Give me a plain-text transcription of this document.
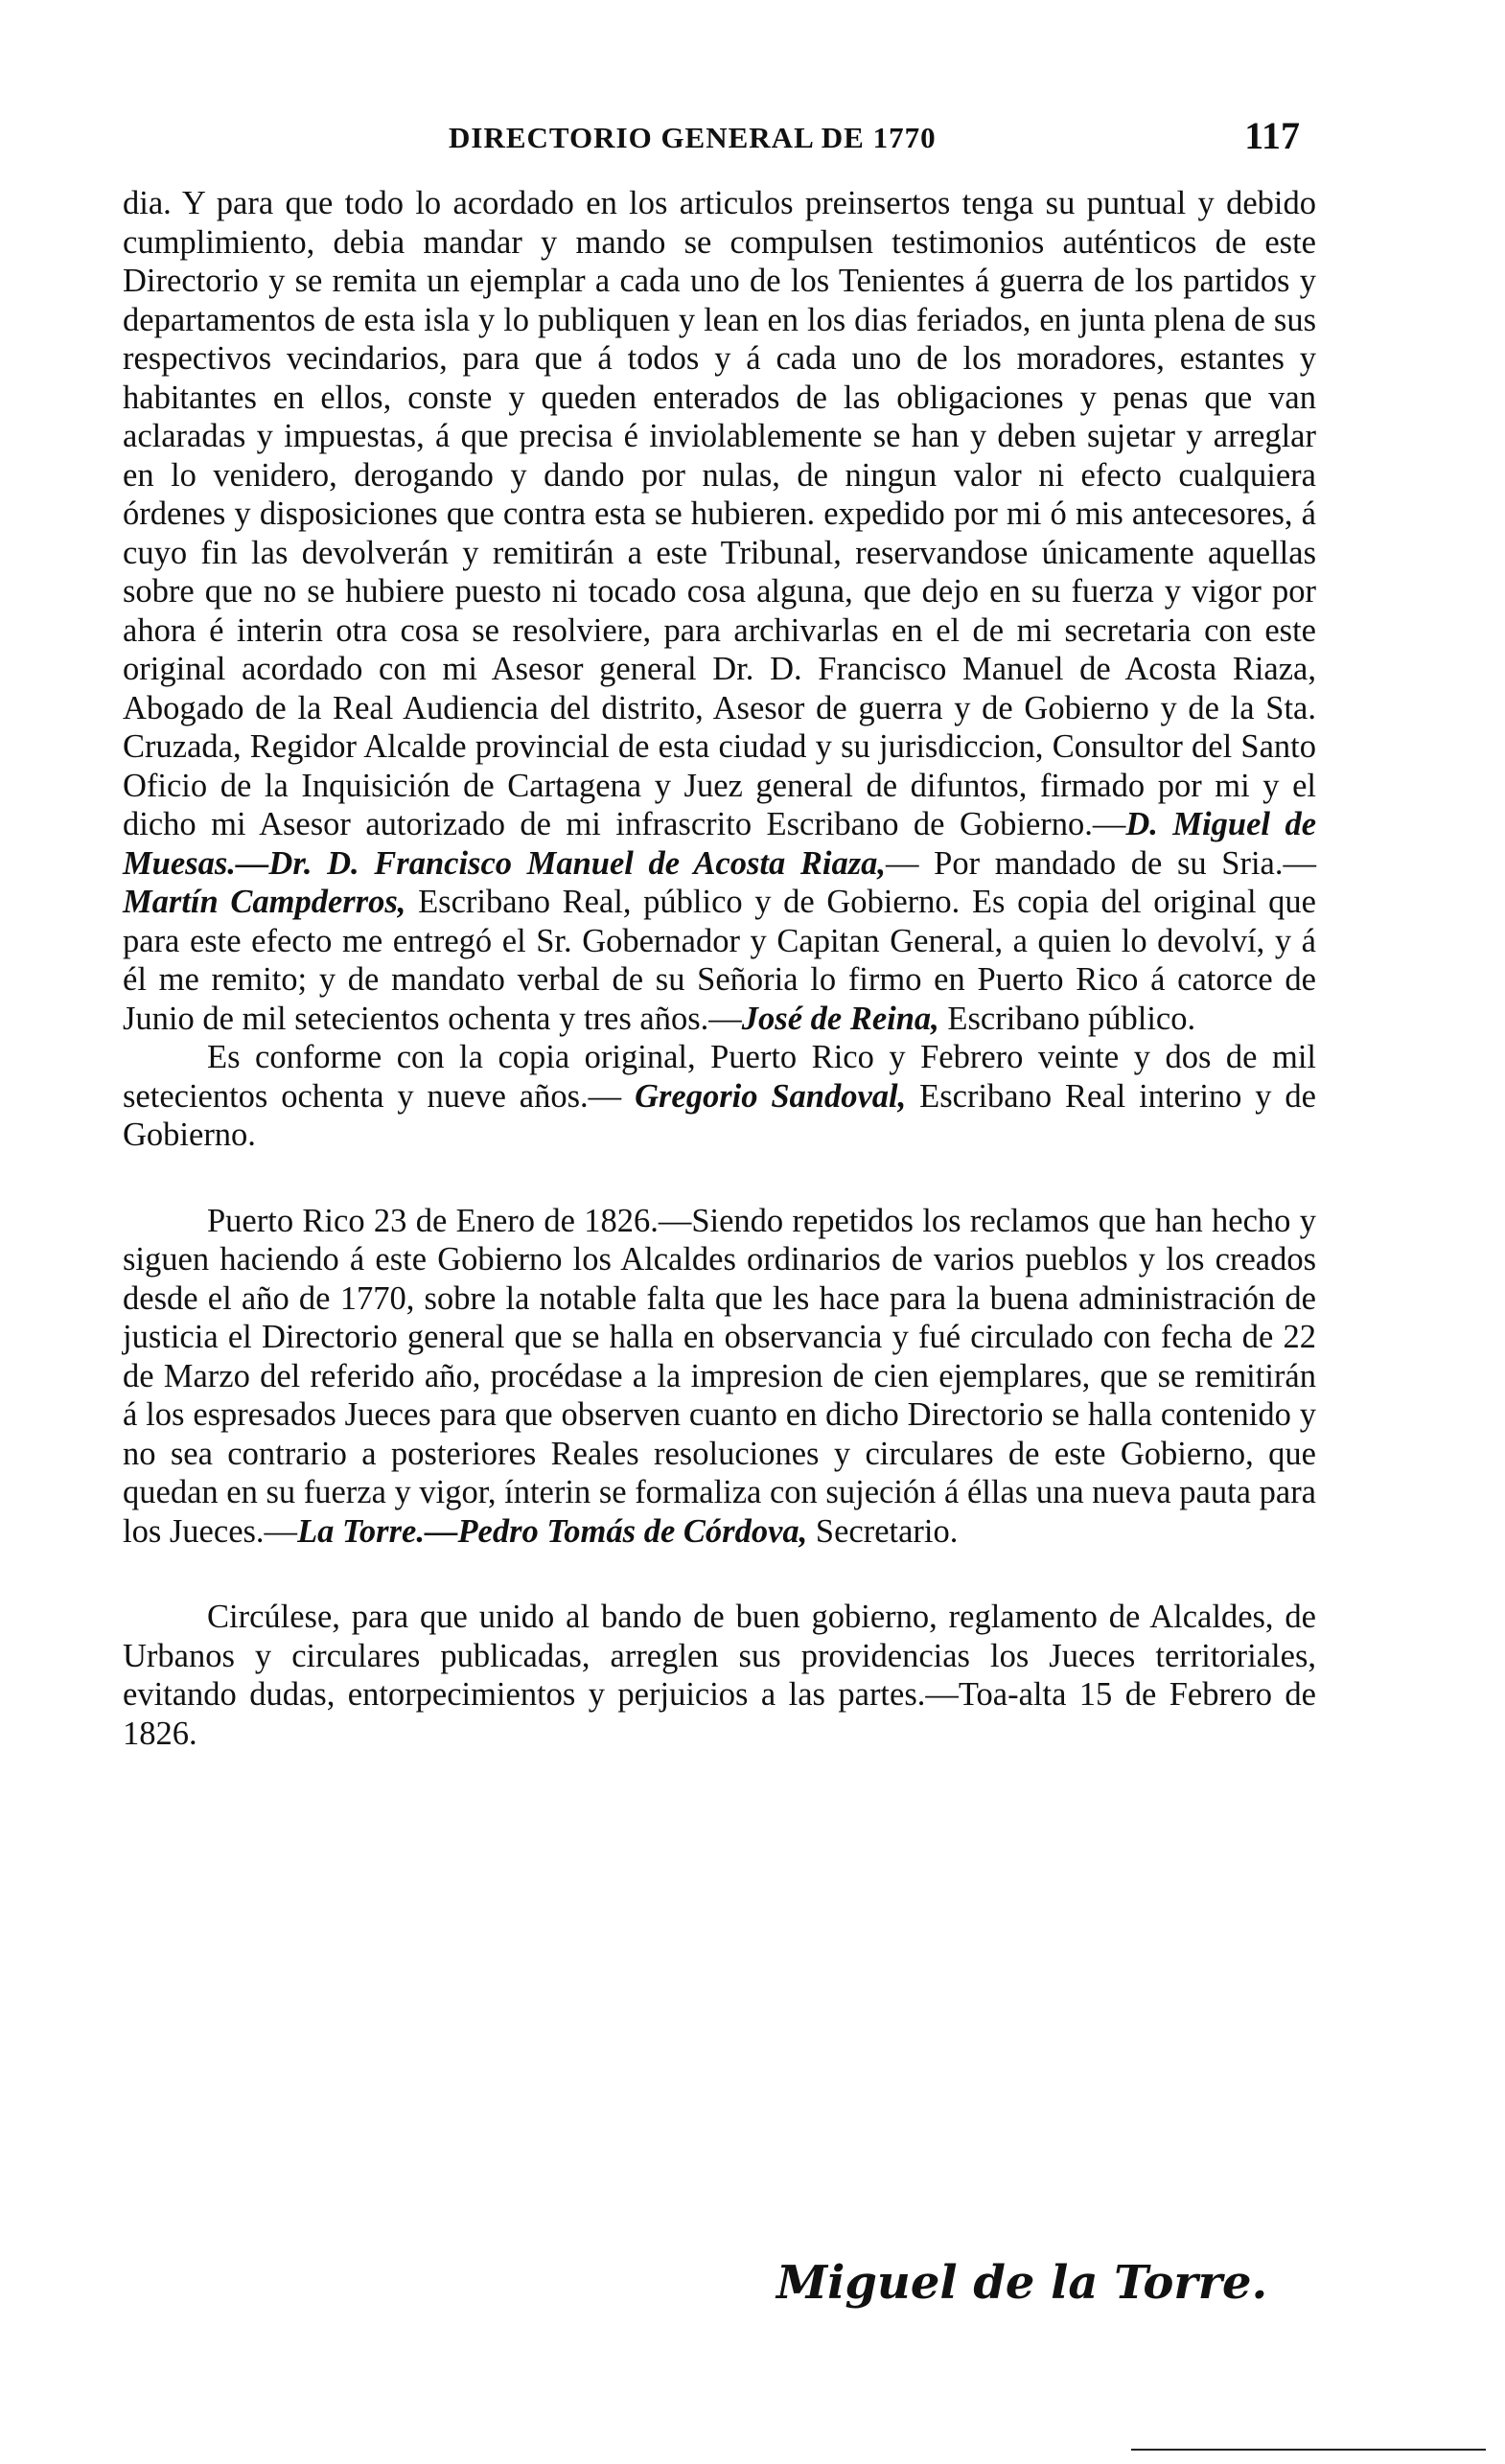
DIRECTORIO GENERAL DE 1770	117

dia. Y para que todo lo acordado en los articulos preinsertos tenga su puntual y debido cumplimiento, debia mandar y mando se compulsen testimonios auténticos de este Directorio y se remita un ejemplar a cada uno de los Tenientes á guerra de los partidos y departamentos de esta isla y lo publiquen y lean en los dias feriados, en junta plena de sus respectivos vecindarios, para que á todos y á cada uno de los moradores, estantes y habitantes en ellos, conste y queden enterados de las obligaciones y penas que van aclaradas y impuestas, á que precisa é inviolablemente se han y deben sujetar y arreglar en lo venidero, derogando y dando por nulas, de ningun valor ni efecto cualquiera órdenes y disposiciones que contra esta se hubieren. expedido por mi ó mis antecesores, á cuyo fin las devolverán y remitirán a este Tribunal, reservandose únicamente aquellas sobre que no se hubiere puesto ni tocado cosa alguna, que dejo en su fuerza y vigor por ahora é interin otra cosa se resolviere, para archivarlas en el de mi secretaria con este original acordado con mi Asesor general Dr. D. Francisco Manuel de Acosta Riaza, Abogado de la Real Audiencia del distrito, Asesor de guerra y de Gobierno y de la Sta. Cruzada, Regidor Alcalde provincial de esta ciudad y su jurisdiccion, Consultor del Santo Oficio de la Inquisición de Cartagena y Juez general de difuntos, firmado por mi y el dicho mi Asesor autorizado de mi infrascrito Escribano de Gobierno.—D. Miguel de Muesas.—Dr. D. Francisco Manuel de Acosta Riaza,— Por mandado de su Sria.—Martín Campderros, Escribano Real, público y de Gobierno. Es copia del original que para este efecto me entregó el Sr. Gobernador y Capitan General, a quien lo devolví, y á él me remito; y de mandato verbal de su Señoria lo firmo en Puerto Rico á catorce de Junio de mil setecientos ochenta y tres años.—José de Reina, Escribano público.

Es conforme con la copia original, Puerto Rico y Febrero veinte y dos de mil setecientos ochenta y nueve años.— Gregorio Sandoval, Escribano Real interino y de Gobierno.

Puerto Rico 23 de Enero de 1826.—Siendo repetidos los reclamos que han hecho y siguen haciendo á este Gobierno los Alcaldes ordinarios de varios pueblos y los creados desde el año de 1770, sobre la notable falta que les hace para la buena administración de justicia el Directorio general que se halla en observancia y fué circulado con fecha de 22 de Marzo del referido año, procédase a la impresion de cien ejemplares, que se remitirán á los espresados Jueces para que observen cuanto en dicho Directorio se halla contenido y no sea contrario a posteriores Reales resoluciones y circulares de este Gobierno, que quedan en su fuerza y vigor, ínterin se formaliza con sujeción á éllas una nueva pauta para los Jueces.—La Torre.—Pedro Tomás de Córdova, Secretario.

Circúlese, para que unido al bando de buen gobierno, reglamento de Alcaldes, de Urbanos y circulares publicadas, arreglen sus providencias los Jueces territoriales, evitando dudas, entorpecimientos y perjuicios a las partes.—Toa-alta 15 de Febrero de 1826.

Miguel de la Torre.
